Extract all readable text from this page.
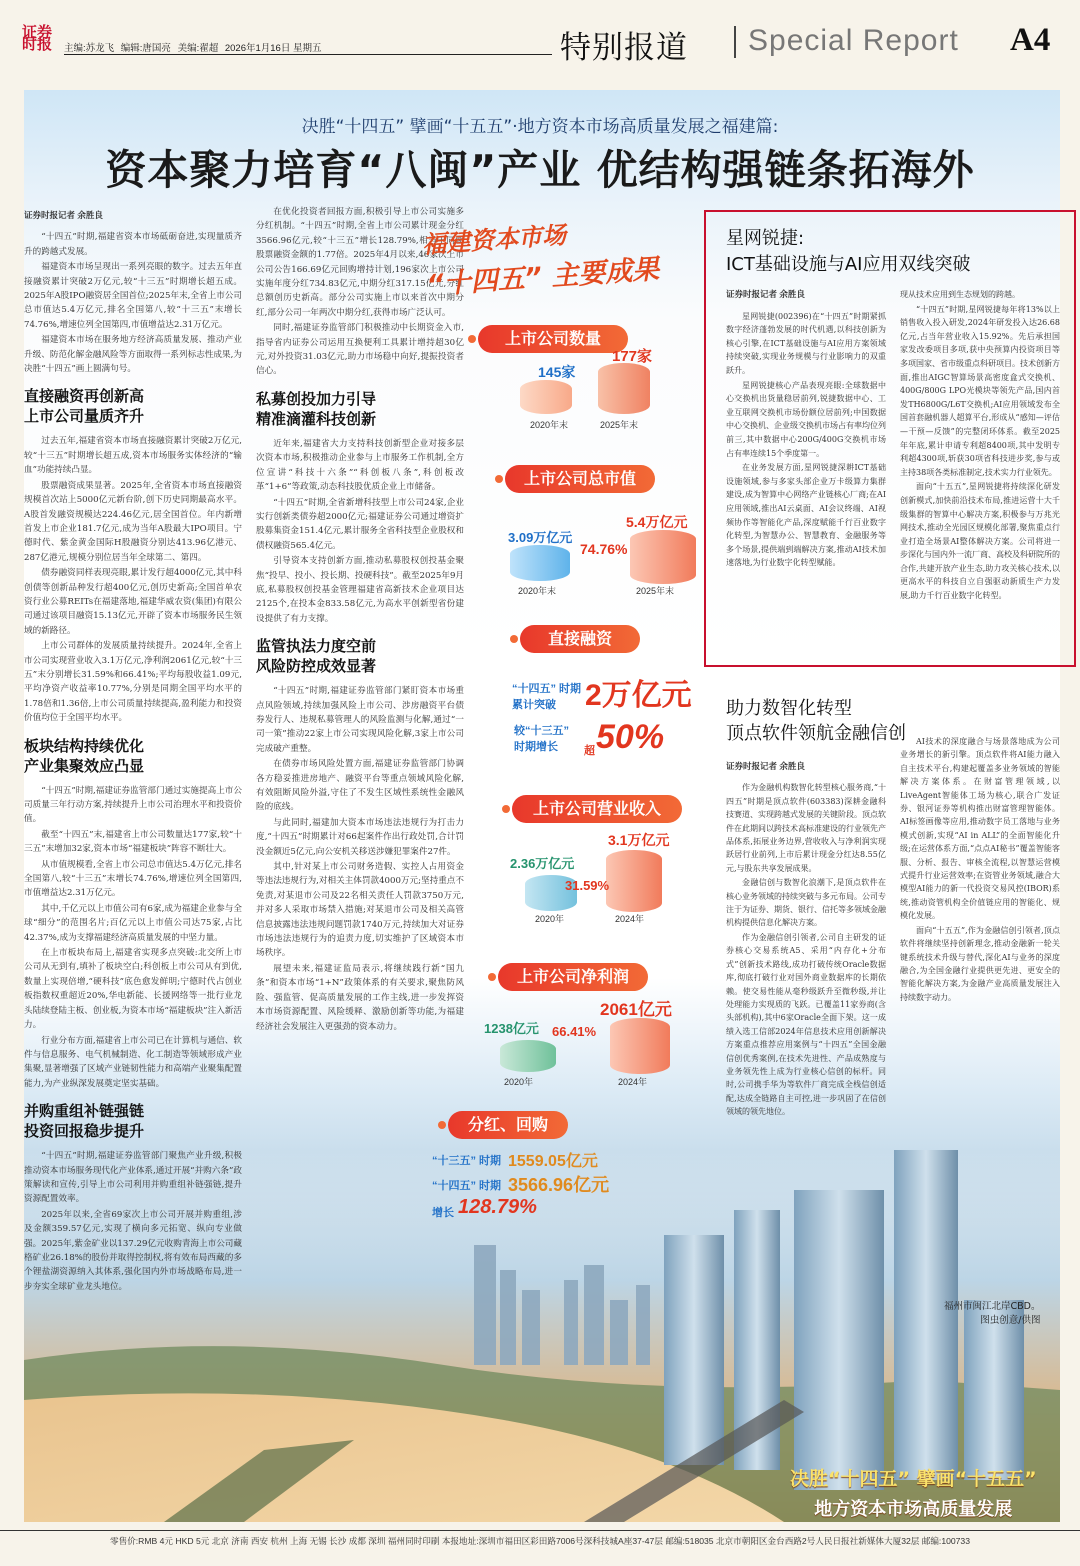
证券
时报	主编:苏龙飞 编辑:唐国亮 美编:翟超 2026年1月16日 星期五	特别报道 Special Report A4
决胜“十四五” 擘画“十五五”·地方资本市场高质量发展之福建篇:
资本聚力培育“八闽”产业 优结构强链条拓海外
证券时报记者 余胜良

“十四五”时期,福建省资本市场砥砺奋进,实现量质齐升的跨越式发展。

福建资本市场呈现出一系列亮眼的数字。过去五年直接融资累计突破2万亿元,较“十三五”时期增长超五成。2025年A股IPO融资居全国首位;2025年末,全省上市公司总市值达5.4万亿元,排名全国第八,较“十三五”末增长74.76%,增速位列全国第四,市值增益达2.31万亿元。

福建资本市场在服务地方经济高质量发展、推动产业升级、防范化解金融风险等方面取得一系列标志性成果,为决胜“十四五”画上圆满句号。

直接融资再创新高
上市公司量质齐升

过去五年,福建省资本市场直接融资累计突破2万亿元,较“十三五”时期增长超五成,资本市场服务实体经济的“输血”功能持续凸显。

股票融资成果显著。2025年,全省资本市场直接融资规模首次站上5000亿元新台阶,创下历史同期最高水平。A股首发融资规模达224.46亿元,居全国首位。年内新增首发上市企业181.7亿元,成为当年A股最大IPO项目。宁德时代、紫金黄金国际H股融资分别达413.96亿港元、287亿港元,规模分别位居当年全球第二、第四。

债券融资同样表现亮眼,累计发行超4000亿元,其中科创债等创新品种发行超400亿元,创历史新高;全国首单农资行业公募REITs在福建落地,福建华威农资(集团)有限公司通过该项目融资15.13亿元,开辟了资本市场服务民生领域的新路径。

上市公司群体的发展质量持续提升。2024年,全省上市公司实现营业收入3.1万亿元,净利润2061亿元,较“十三五”末分别增长31.59%和66.41%;平均每股收益1.09元,平均净资产收益率10.77%,分别是同期全国平均水平的1.78倍和1.36倍,上市公司质量持续提高,盈利能力和投资价值均位于全国平均水平。

板块结构持续优化
产业集聚效应凸显

“十四五”时期,福建证券监管部门通过实施提高上市公司质量三年行动方案,持续提升上市公司治理水平和投资价值。

截至“十四五”末,福建省上市公司数量达177家,较“十三五”末增加32家,资本市场“福建板块”阵容不断壮大。

从市值规模看,全省上市公司总市值达5.4万亿元,排名全国第八,较“十三五”末增长74.76%,增速位列全国第四,市值增益达2.31万亿元。

其中,千亿元以上市值公司有6家,成为福建企业参与全球“细分”的范围名片;百亿元以上市值公司达75家,占比42.37%,成为支撑福建经济高质量发展的中坚力量。

在上市板块布局上,福建省实现多点突破:北交所上市公司从无到有,填补了板块空白;科创板上市公司从有到优,数量上实现倍增,“硬科技”底色愈发鲜明;宁德时代占创业板指数权重超近20%,华电新能、长援网络等一批行业龙头陆续登陆主板、创业板,为资本市场“福建板块”注入新活力。

行业分布方面,福建省上市公司已在计算机与通信、软件与信息服务、电气机械制造、化工制造等领域形成产业集聚,显著增强了区域产业链韧性能力和高端产业聚集配置能力,为产业纵深发展奠定坚实基础。

并购重组补链强链
投资回报稳步提升

“十四五”时期,福建证券监管部门聚焦产业升级,积极推动资本市场服务现代化产业体系,通过开展“并购六条”政策解读和宣传,引导上市公司利用并购重组补链强链,提升资源配置效率。

2025年以来,全省69家次上市公司开展并购重组,涉及金额359.57亿元,实现了横向多元拓宽、纵向专业做强。2025年,紫金矿业以137.29亿元收购青海上市公司藏格矿业26.18%的股份并取得控制权,将有效布局西藏的多个锂盐湖资源纳入其体系,强化国内外市场战略布局,进一步夯实全球矿业龙头地位。

在优化投资者回报方面,积极引导上市公司实施多分红机制。“十四五”时期,全省上市公司累计现金分红3566.96亿元,较“十三五”增长128.79%,相当于同期股票融资金额的1.77倍。2025年4月以来,46家次上市公司公告166.69亿元回购增持计划,196家次上市公司实施年度分红734.83亿元,中期分红317.15亿元,分红总额创历史新高。部分公司实施上市以来首次中期分红,部分公司一年两次中期分红,获得市场广泛认可。

同时,福建证券监管部门积极推动中长期资金入市,指导省内证券公司运用互换便利工具累计增持超30亿元,对外投资31.03亿元,助力市场稳中向好,提振投资者信心。

私募创投加力引导
精准滴灌科技创新

近年来,福建省大力支持科技创新型企业对接多层次资本市场,积极推动企业参与上市服务工作机制,全方位宣讲“科技十六条”“科创板八条”,科创板改革“1+6”等政策,动态科技股优质企业上市储备。

“十四五”时期,全省新增科技型上市公司24家,企业实行创新类债券超2000亿元;福建证券公司通过增资扩股募集资金151.4亿元,累计服务全省科技型企业股权和债权融资565.4亿元。

引导资本支持创新方面,推动私募股权创投基金聚焦“投早、投小、投长期、投硬科技”。截至2025年9月底,私募股权创投基金管理福建省高新技术企业项目达2125个,在投本金833.58亿元,为高水平创新型省份建设提供了有力支撑。

监管执法力度空前
风险防控成效显著

“十四五”时期,福建证券监管部门紧盯资本市场重点风险领域,持续加强风险上市公司、涉房融资平台债券发行人、违规私募管理人的风险监测与化解,通过“一司一策”推动22家上市公司实现风险化解,3家上市公司完成破产重整。

在债券市场风险处置方面,福建证券监管部门协调各方稳妥推进房地产、融资平台等重点领域风险化解,有效阻断风险外溢,守住了不发生区域性系统性金融风险的底线。

与此同时,福建加大资本市场违法违规行为打击力度,“十四五”时期累计对66起案件作出行政处罚,合计罚没金额近5亿元,向公安机关移送涉嫌犯罪案件27件。

其中,针对某上市公司财务造假、实控人占用资金等违法违规行为,对相关主体罚款4000万元;坚持重点不免责,对某退市公司及22名相关责任人罚款3750万元,并对多人采取市场禁入措施;对某退市公司及相关高管信息披露违法违规问题罚款1740万元,持续加大对证券市场违法违规行为的追责力度,切实维护了区域资本市场秩序。

展望未来,福建证监局表示,将继续践行新“国九条”和资本市场“1+N”政策体系的有关要求,聚焦防风险、强监管、促高质量发展的工作主线,进一步发挥资本市场资源配置、风险缓释、激励创新等功能,为福建经济社会发展注入更强劲的资本动力。

福建资本市场
“十四五” 主要成果
上市公司数量
145家
177家
2020年末	2025年末
上市公司总市值
3.09万亿元
5.4万亿元
74.76%
2020年末	2025年末
直接融资
“十四五” 时期
累计突破 2万亿元
较“十三五”
时期增长	超 50%
上市公司营业收入
2.36万亿元
3.1万亿元
31.59%
2020年	2024年
上市公司净利润
1238亿元
2061亿元
66.41%
2020年	2024年
分红、回购
“十三五” 时期 1559.05亿元
“十四五” 时期 3566.96亿元
增长 128.79%
星网锐捷:
ICT基础设施与AI应用双线突破
证券时报记者 余胜良

星网锐捷(002396)在“十四五”时期紧抓数字经济蓬勃发展的时代机遇,以科技创新为核心引擎,在ICT基础设施与AI应用方案领域持续突破,实现业务规模与行业影响力的双重跃升。

星网锐捷核心产品表现亮眼:全球数据中心交换机出货量稳居前列,锐捷数据中心、工业互联网交换机市场份额位居前列;中国数据中心交换机、企业级交换机市场占有率均位列前三,其中数据中心200G/400G交换机市场占有率连续15个季度第一。

在业务发展方面,星网锐捷深耕ICT基础设施领域,参与多家头部企业万卡级算力集群建设,成为智算中心网络产业链核心厂商;在AI应用领域,推出AI云桌面、AI会议终端、AI视频协作等智能化产品,深度赋能千行百业数字化转型,为智慧办公、智慧教育、金融服务等多个场景,提供端到端解决方案,推动AI技术加速落地,为行业数字化转型赋能。

现从技术应用到生态规划的跨越。

“十四五”时期,星网锐捷每年将13%以上销售收入投入研发,2024年研发投入达26.68亿元,占当年营业收入15.92%。先后承担国家发改委项目多项,获中央预算内投资项目等多项国家、省市级重点科研项目。技术创新方面,推出AIGC智算场景高密度盒式交换机、400G/800G LPO光模块等领先产品,国内首发TH6800G/L6T交换机;AI应用领域发布全国首套融机器人超算平台,形成从“感知—评估—干预—反馈”的完整闭环体系。截至2025年年底,累计申请专利超8400项,其中发明专利超4300项,斩获30项省科技进步奖,参与或主持38项各类标准制定,技术实力行业领先。

面向“十五五”,星网锐捷将持续深化研发创新模式,加快前沿技术布局,推进运营十大千级集群的智算中心解决方案,积极参与万兆光网技术,推动全光园区规模化部署,聚焦重点行业打造全场景AI整体解决方案。公司将进一步深化与国内外一流厂商、高校及科研院所的合作,共建开放产业生态,助力攻关核心技术,以更高水平的科技自立自强驱动新质生产力发展,助力千行百业数字化转型。

助力数智化转型
顶点软件领航金融信创
证券时报记者 余胜良

作为金融机构数智化转型核心服务商,“十四五”时期是顶点软件(603383)深耕金融科技赛道、实现跨越式发展的关键阶段。顶点软件在此期间以跨技术高标准建设的行业领先产品体系,拓展业务边界,营收收入与净利润实现跃居行业前列,上市后累计现金分红达8.55亿元,与股东共享发展成果。

金融信创与数智化浪潮下,是顶点软件在核心业务领域的持续突破与多元布局。公司专注于为证券、期货、银行、信托等多领域金融机构提供信息化解决方案。

作为金融信创引领者,公司自主研发的证券核心交易系统A5、采用“内存化+分布式”创新技术路线,成功打破传统Oracle数据库,彻底打破行业对国外商业数据库的长期依赖。使交易性能从毫秒级跃升至微秒级,并让处理能力实现质的飞跃。已覆盖11家券商(含头部机构),其中6家Oracle全面下架。这一成绩入选工信部2024年信息技术应用创新解决方案重点推荐应用案例与“十四五”全国金融信创优秀案例,在技术先进性、产品成熟度与业务领先性上成为行业核心信创的标杆。同时,公司携手华为等软件厂商完成全栈信创适配,达成全链路自主可控,进一步巩固了在信创领域的领先地位。

AI技术的深度融合与场景落地成为公司业务增长的新引擎。顶点软件将AI能力融入自主技术平台,构建起覆盖多业务领域的智能解决方案体系。在财富管理领域,以LiveAgent智能体工场为核心,联合广发证券、银河证券等机构推出财富管理智能体。AI标签画像等应用,推动数字员工落地与业务模式创新,实现“AI in ALL”的全面智能化升级;在运营体系方面,“点点AI秘书”覆盖智能客服、分析、报告、审核全流程,以智慧运营模式提升行业运营效率;在资管业务领域,融合大模型AI能力的新一代投资交易风控(IBOR)系统,推动资管机构全价值链应用的智能化、规模化发展。

面向“十五五”,作为金融信创引领者,顶点软件将继续坚持创新理念,推动金融新一轮关键系统技术升级与替代,深化AI与业务的深度融合,为全国金融行业提供更先进、更安全的智能化解决方案,为金融产业高质量发展注入持续数字动力。

福州市闽江北岸CBD。
图虫创意/供图
决胜“十四五” 擘画“十五五”
地方资本市场高质量发展
零售价:RMB 4元 HKD 5元 北京 济南 西安 杭州 上海 无锡 长沙 成都 深圳 福州同时印刷 本报地址:深圳市福田区彩田路7006号深科技城A座37-47层 邮编:518035 北京市朝阳区金台西路2号人民日报社新媒体大厦32层 邮编:100733
